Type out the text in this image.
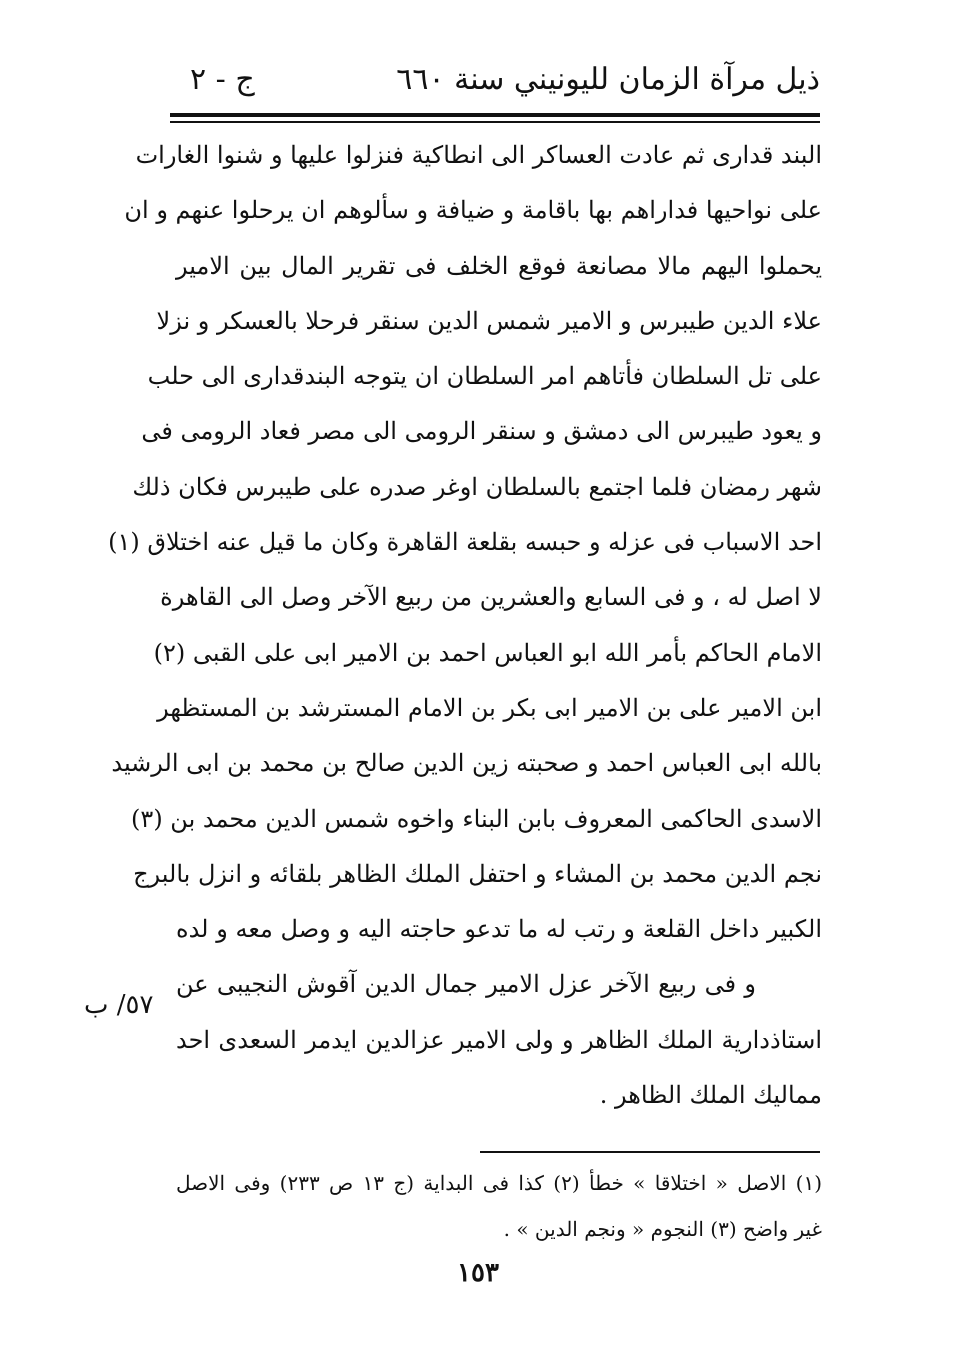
ذيل مرآة الزمان لليونيني سنة ٦٦٠
ج - ٢
البند قدارى ثم عادت العساكر الى انطاكية فنزلوا عليها و شنوا الغارات
على نواحيها فداراهم بها باقامة و ضيافة و سألوهم ان يرحلوا عنهم و ان
يحملوا اليهم مالا مصانعة فوقع الخلف فى تقرير المال بين الامير
علاء الدين طيبرس و الامير شمس الدين سنقر فرحلا بالعسكر و نزلا
على تل السلطان فأتاهم امر السلطان ان يتوجه البندقدارى الى حلب
و يعود طيبرس الى دمشق و سنقر الرومى الى مصر فعاد الرومى فى
شهر رمضان فلما اجتمع بالسلطان اوغر صدره على طيبرس فكان ذلك
احد الاسباب فى عزله و حبسه بقلعة القاهرة وكان ما قيل عنه اختلاق (١)
لا اصل له ، و فى السابع والعشرين من ربيع الآخر وصل الى القاهرة
الامام الحاكم بأمر الله ابو العباس احمد بن الامير ابى على القبى (٢)
ابن الامير على بن الامير ابى بكر بن الامام المسترشد بن المستظهر
بالله ابى العباس احمد و صحبته زين الدين صالح بن محمد بن ابى الرشيد
الاسدى الحاكمى المعروف بابن البناء واخوه شمس الدين محمد بن (٣)
نجم الدين محمد بن المشاء و احتفل الملك الظاهر بلقائه و انزل بالبرج
الكبير داخل القلعة و رتب له ما تدعو حاجته اليه و وصل معه و لده
و فى ربيع الآخر عزل الامير جمال الدين آقوش النجيبى عن
استاذدارية الملك الظاهر و ولى الامير عزالدين ايدمر السعدى احد
مماليك الملك الظاهر .
٥٧/ ب
(١) الاصل « اختلاقا » خطأ (٢) كذا فى البداية (ج ١٣ ص ٢٣٣) وفى الاصل
غير واضح (٣) النجوم « ونجم الدين » .
١٥٣
